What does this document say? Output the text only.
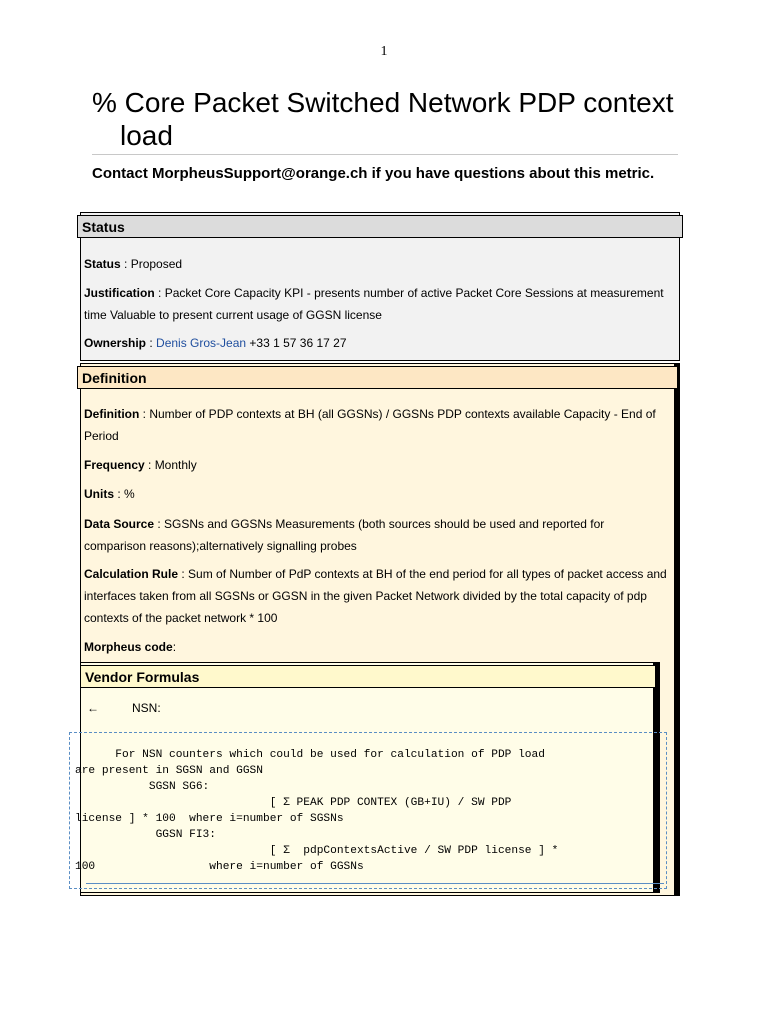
1
% Core Packet Switched Network PDP context load
Contact MorpheusSupport@orange.ch if you have questions about this metric.
Status
Status : Proposed
Justification : Packet Core Capacity KPI - presents number of active Packet Core Sessions at measurement time Valuable to present current usage of GGSN license
Ownership : Denis Gros-Jean +33 1 57 36 17 27
Definition
Definition : Number of PDP contexts at BH (all GGSNs) / GGSNs PDP contexts available Capacity - End of Period
Frequency : Monthly
Units : %
Data Source : SGSNs and GGSNs Measurements (both sources should be used and reported for comparison reasons);alternatively signalling probes
Calculation Rule : Sum of Number of PdP contexts at BH of the end period for all types of packet access and interfaces taken from all SGSNs or GGSN in the given Packet Network divided by the total capacity of pdp contexts of the packet network * 100
Morpheus code:
Vendor Formulas
←	NSN:
For NSN counters which could be used for calculation of PDP load
are present in SGSN and GGSN
SGSN SG6:
[ Σ PEAK PDP CONTEX (GB+IU) / SW PDP
license ] * 100  where i=number of SGSNs
GGSN FI3:
[ Σ  pdpContextsActive / SW PDP license ] *
100                 where i=number of GGSNs
